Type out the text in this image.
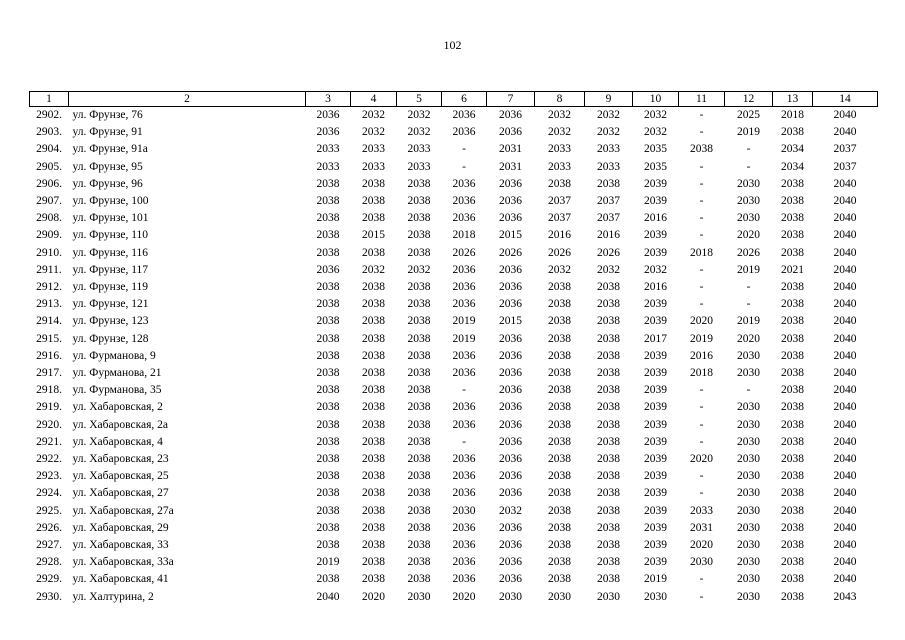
102
1	2	3	4	5	6	7	8	9	10	11	12	13	14
2902.	ул. Фрунзе, 76	2036	2032	2032	2036	2036	2032	2032	2032	-	2025	2018	2040
2903.	ул. Фрунзе, 91	2036	2032	2032	2036	2036	2032	2032	2032	-	2019	2038	2040
2904.	ул. Фрунзе, 91а	2033	2033	2033	-	2031	2033	2033	2035	2038	-	2034	2037
2905.	ул. Фрунзе, 95	2033	2033	2033	-	2031	2033	2033	2035	-	-	2034	2037
2906.	ул. Фрунзе, 96	2038	2038	2038	2036	2036	2038	2038	2039	-	2030	2038	2040
2907.	ул. Фрунзе, 100	2038	2038	2038	2036	2036	2037	2037	2039	-	2030	2038	2040
2908.	ул. Фрунзе, 101	2038	2038	2038	2036	2036	2037	2037	2016	-	2030	2038	2040
2909.	ул. Фрунзе, 110	2038	2015	2038	2018	2015	2016	2016	2039	-	2020	2038	2040
2910.	ул. Фрунзе, 116	2038	2038	2038	2026	2026	2026	2026	2039	2018	2026	2038	2040
2911.	ул. Фрунзе, 117	2036	2032	2032	2036	2036	2032	2032	2032	-	2019	2021	2040
2912.	ул. Фрунзе, 119	2038	2038	2038	2036	2036	2038	2038	2016	-	-	2038	2040
2913.	ул. Фрунзе, 121	2038	2038	2038	2036	2036	2038	2038	2039	-	-	2038	2040
2914.	ул. Фрунзе, 123	2038	2038	2038	2019	2015	2038	2038	2039	2020	2019	2038	2040
2915.	ул. Фрунзе, 128	2038	2038	2038	2019	2036	2038	2038	2017	2019	2020	2038	2040
2916.	ул. Фурманова, 9	2038	2038	2038	2036	2036	2038	2038	2039	2016	2030	2038	2040
2917.	ул. Фурманова, 21	2038	2038	2038	2036	2036	2038	2038	2039	2018	2030	2038	2040
2918.	ул. Фурманова, 35	2038	2038	2038	-	2036	2038	2038	2039	-	-	2038	2040
2919.	ул. Хабаровская, 2	2038	2038	2038	2036	2036	2038	2038	2039	-	2030	2038	2040
2920.	ул. Хабаровская, 2а	2038	2038	2038	2036	2036	2038	2038	2039	-	2030	2038	2040
2921.	ул. Хабаровская, 4	2038	2038	2038	-	2036	2038	2038	2039	-	2030	2038	2040
2922.	ул. Хабаровская, 23	2038	2038	2038	2036	2036	2038	2038	2039	2020	2030	2038	2040
2923.	ул. Хабаровская, 25	2038	2038	2038	2036	2036	2038	2038	2039	-	2030	2038	2040
2924.	ул. Хабаровская, 27	2038	2038	2038	2036	2036	2038	2038	2039	-	2030	2038	2040
2925.	ул. Хабаровская, 27а	2038	2038	2038	2030	2032	2038	2038	2039	2033	2030	2038	2040
2926.	ул. Хабаровская, 29	2038	2038	2038	2036	2036	2038	2038	2039	2031	2030	2038	2040
2927.	ул. Хабаровская, 33	2038	2038	2038	2036	2036	2038	2038	2039	2020	2030	2038	2040
2928.	ул. Хабаровская, 33а	2019	2038	2038	2036	2036	2038	2038	2039	2030	2030	2038	2040
2929.	ул. Хабаровская, 41	2038	2038	2038	2036	2036	2038	2038	2019	-	2030	2038	2040
2930.	ул. Халтурина, 2	2040	2020	2030	2020	2030	2030	2030	2030	-	2030	2038	2043
